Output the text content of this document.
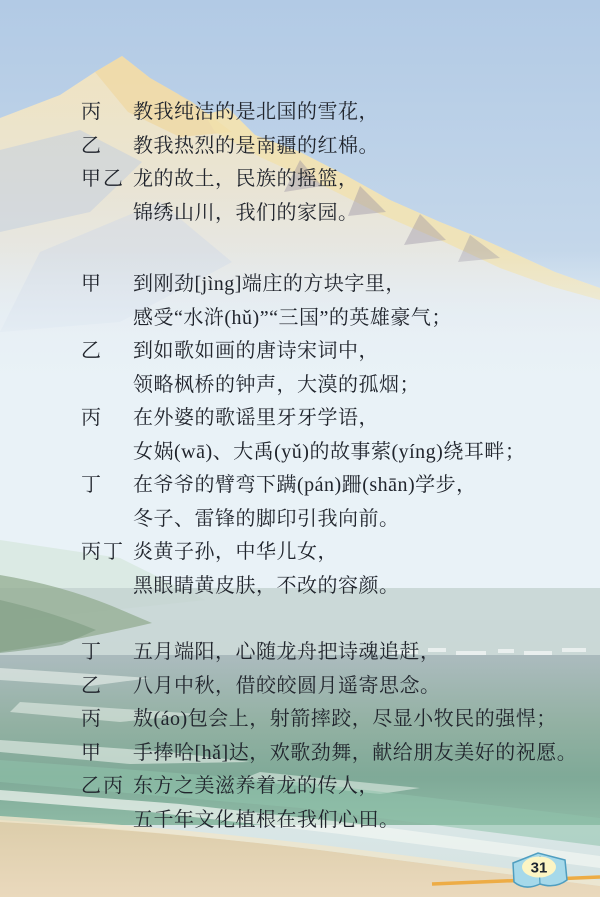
丙	教我纯洁的是北国的雪花，
乙	教我热烈的是南疆的红棉。
甲乙 龙的故土，民族的摇篮，
锦绣山川，我们的家园。
甲	到刚劲[jìng]端庄的方块字里，
感受“水浒(hǔ)”“三国”的英雄豪气；
乙	到如歌如画的唐诗宋词中，
领略枫桥的钟声，大漠的孤烟；
丙	在外婆的歌谣里牙牙学语，
女娲(wā)、大禹(yǔ)的故事萦(yíng)绕耳畔；
丁	在爷爷的臂弯下蹒(pán)跚(shān)学步，
冬子、雷锋的脚印引我向前。
丙丁 炎黄子孙，中华儿女，
黑眼睛黄皮肤，不改的容颜。
丁	五月端阳，心随龙舟把诗魂追赶，
乙	八月中秋，借皎皎圆月遥寄思念。
丙	敖(áo)包会上，射箭摔跤，尽显小牧民的强悍；
甲	手捧哈[hǎ]达，欢歌劲舞，献给朋友美好的祝愿。
乙丙 东方之美滋养着龙的传人，
五千年文化植根在我们心田。
31
